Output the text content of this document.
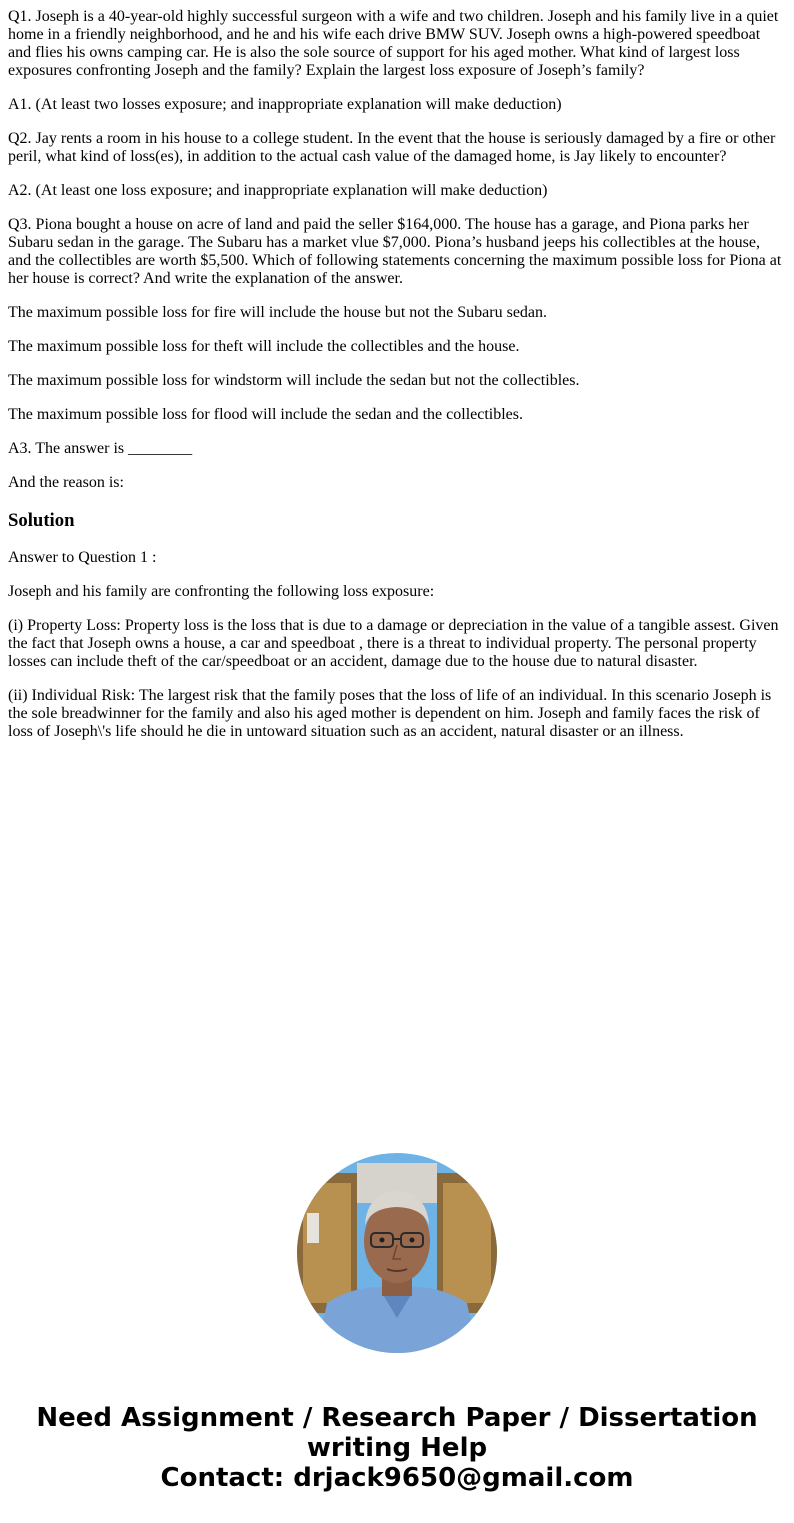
Q1. Joseph is a 40-year-old highly successful surgeon with a wife and two children. Joseph and his family live in a quiet home in a friendly neighborhood, and he and his wife each drive BMW SUV. Joseph owns a high-powered speedboat and flies his owns camping car. He is also the sole source of support for his aged mother. What kind of largest loss exposures confronting Joseph and the family? Explain the largest loss exposure of Joseph’s family?

A1. (At least two losses exposure; and inappropriate explanation will make deduction)

Q2. Jay rents a room in his house to a college student. In the event that the house is seriously damaged by a fire or other peril, what kind of loss(es), in addition to the actual cash value of the damaged home, is Jay likely to encounter?

A2. (At least one loss exposure; and inappropriate explanation will make deduction)

Q3. Piona bought a house on acre of land and paid the seller $164,000. The house has a garage, and Piona parks her Subaru sedan in the garage. The Subaru has a market vlue $7,000. Piona’s husband jeeps his collectibles at the house, and the collectibles are worth $5,500. Which of following statements concerning the maximum possible loss for Piona at her house is correct? And write the explanation of the answer.

The maximum possible loss for fire will include the house but not the Subaru sedan.

The maximum possible loss for theft will include the collectibles and the house.

The maximum possible loss for windstorm will include the sedan but not the collectibles.

The maximum possible loss for flood will include the sedan and the collectibles.

A3. The answer is ________

And the reason is:

Solution

Answer to Question 1 :

Joseph and his family are confronting the following loss exposure:

(i) Property Loss: Property loss is the loss that is due to a damage or depreciation in the value of a tangible assest. Given the fact that Joseph owns a house, a car and speedboat , there is a threat to individual property. The personal property losses can include theft of the car/speedboat or an accident, damage due to the house due to natural disaster.

(ii) Individual Risk: The largest risk that the family poses that the loss of life of an individual. In this scenario Joseph is the sole breadwinner for the family and also his aged mother is dependent on him. Joseph and family faces the risk of loss of Joseph\'s life should he die in untoward situation such as an accident, natural disaster or an illness.

Need Assignment / Research Paper / Dissertation
writing Help
Contact: drjack9650@gmail.com
